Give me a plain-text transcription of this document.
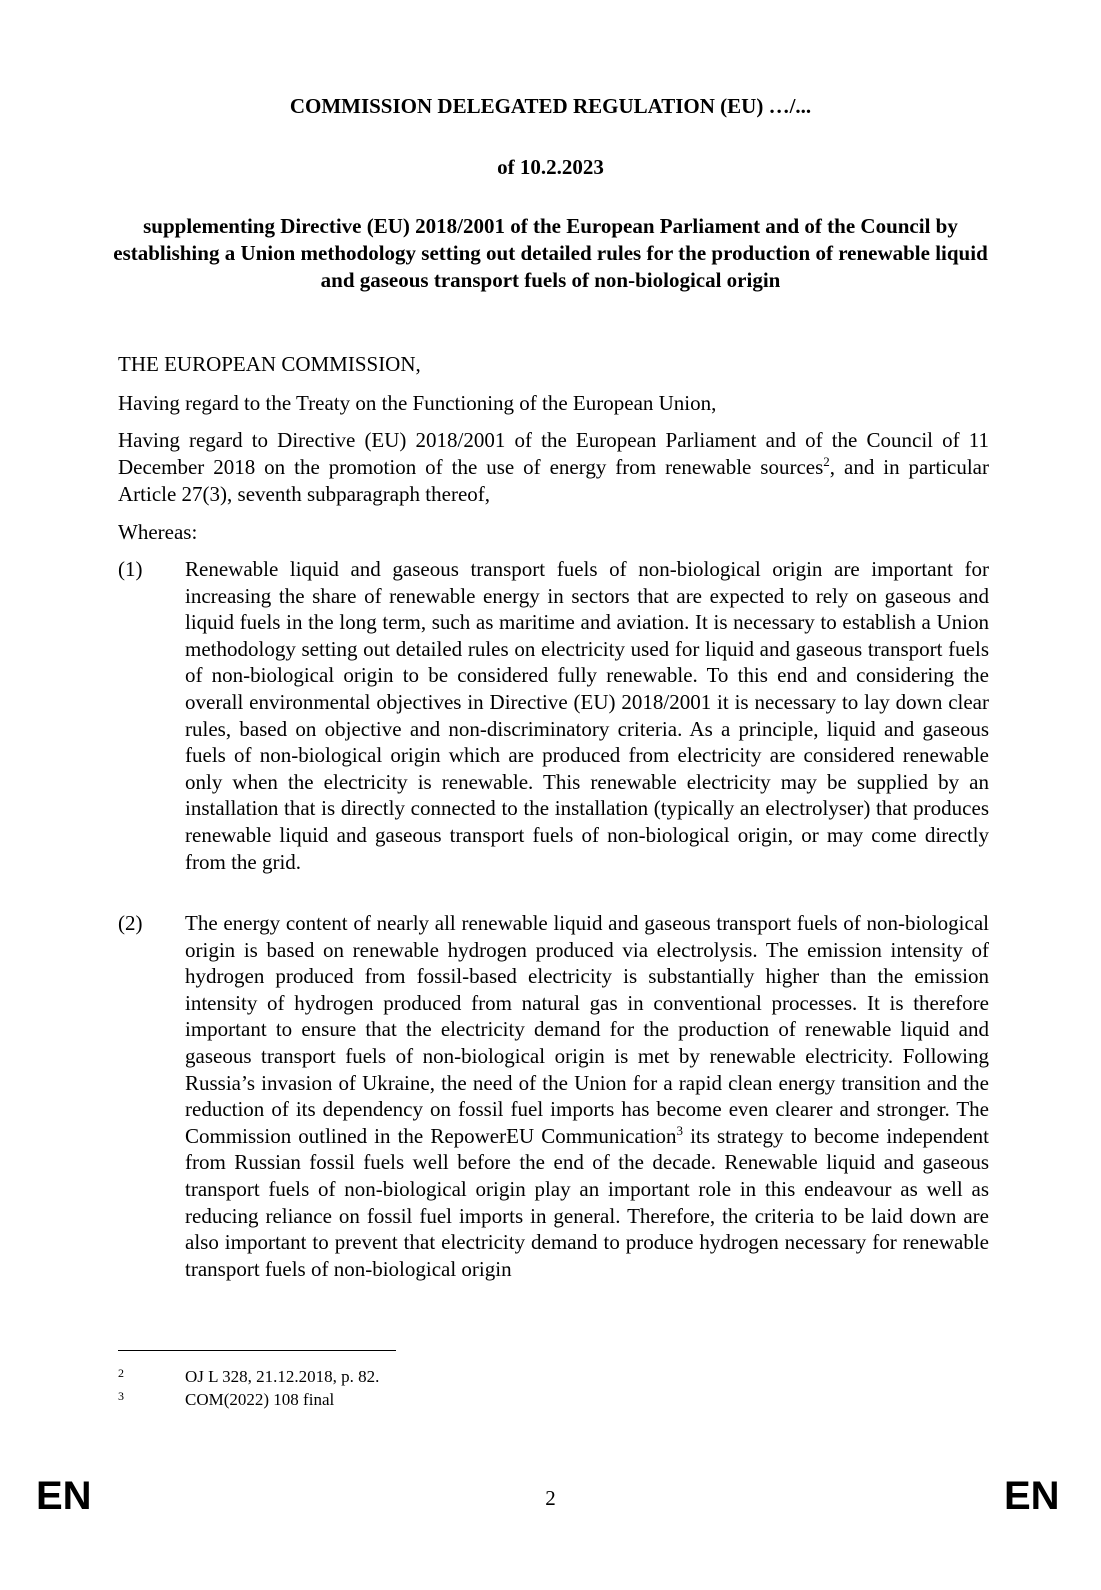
COMMISSION DELEGATED REGULATION (EU) …/...
of 10.2.2023
supplementing Directive (EU) 2018/2001 of the European Parliament and of the Council by establishing a Union methodology setting out detailed rules for the production of renewable liquid and gaseous transport fuels of non-biological origin
THE EUROPEAN COMMISSION,
Having regard to the Treaty on the Functioning of the European Union,
Having regard to Directive (EU) 2018/2001 of the European Parliament and of the Council of 11 December 2018 on the promotion of the use of energy from renewable sources$^2$, and in particular Article 27(3), seventh subparagraph thereof,
Whereas:
(1) Renewable liquid and gaseous transport fuels of non-biological origin are important for increasing the share of renewable energy in sectors that are expected to rely on gaseous and liquid fuels in the long term, such as maritime and aviation. It is necessary to establish a Union methodology setting out detailed rules on electricity used for liquid and gaseous transport fuels of non-biological origin to be considered fully renewable. To this end and considering the overall environmental objectives in Directive (EU) 2018/2001 it is necessary to lay down clear rules, based on objective and non-discriminatory criteria. As a principle, liquid and gaseous fuels of non-biological origin which are produced from electricity are considered renewable only when the electricity is renewable. This renewable electricity may be supplied by an installation that is directly connected to the installation (typically an electrolyser) that produces renewable liquid and gaseous transport fuels of non-biological origin, or may come directly from the grid.
(2) The energy content of nearly all renewable liquid and gaseous transport fuels of non-biological origin is based on renewable hydrogen produced via electrolysis. The emission intensity of hydrogen produced from fossil-based electricity is substantially higher than the emission intensity of hydrogen produced from natural gas in conventional processes. It is therefore important to ensure that the electricity demand for the production of renewable liquid and gaseous transport fuels of non-biological origin is met by renewable electricity. Following Russia’s invasion of Ukraine, the need of the Union for a rapid clean energy transition and the reduction of its dependency on fossil fuel imports has become even clearer and stronger. The Commission outlined in the RepowerEU Communication$^3$ its strategy to become independent from Russian fossil fuels well before the end of the decade. Renewable liquid and gaseous transport fuels of non-biological origin play an important role in this endeavour as well as reducing reliance on fossil fuel imports in general. Therefore, the criteria to be laid down are also important to prevent that electricity demand to produce hydrogen necessary for renewable transport fuels of non-biological origin
2	OJ L 328, 21.12.2018, p. 82.
3	COM(2022) 108 final
EN	2	EN
